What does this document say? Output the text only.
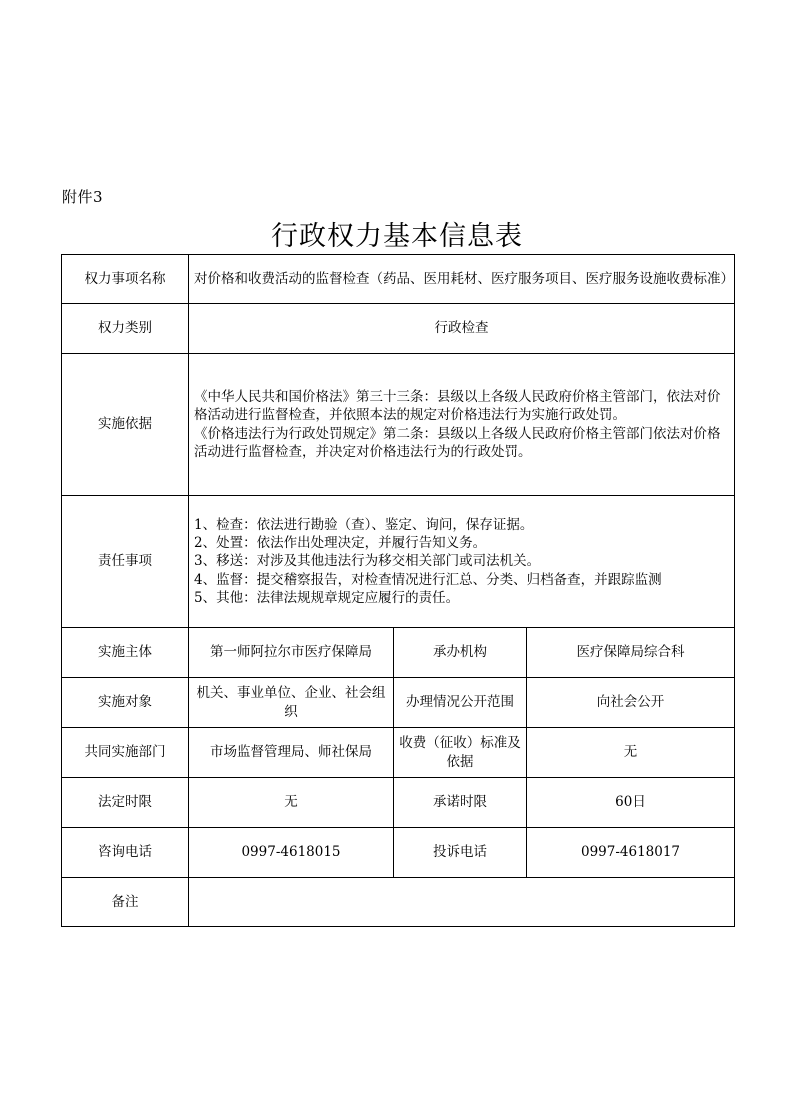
附件3
行政权力基本信息表
权力事项名称	对价格和收费活动的监督检查（药品、医用耗材、医疗服务项目、医疗服务设施收费标准）		
权力类别	行政检查		
实施依据	《中华人民共和国价格法》第三十三条：县级以上各级人民政府价格主管部门，依法对价格活动进行监督检查，并依照本法的规定对价格违法行为实施行政处罚。
《价格违法行为行政处罚规定》第二条：县级以上各级人民政府价格主管部门依法对价格活动进行监督检查，并决定对价格违法行为的行政处罚。		

责任事项	1、检查：依法进行勘验（查）、鉴定、询问，保存证据。
2、处置：依法作出处理决定，并履行告知义务。
3、移送：对涉及其他违法行为移交相关部门或司法机关。
4、监督：提交稽察报告，对检查情况进行汇总、分类、归档备查，并跟踪监测
5、其他：法律法规规章规定应履行的责任。		

实施主体	第一师阿拉尔市医疗保障局	承办机构	医疗保障局综合科
实施对象	机关、事业单位、企业、社会组织	办理情况公开范围	向社会公开
共同实施部门	市场监督管理局、师社保局	收费（征收）标准及依据	无
法定时限	无	承诺时限	60日
咨询电话	0997-4618015	投诉电话	0997-4618017
备注			
